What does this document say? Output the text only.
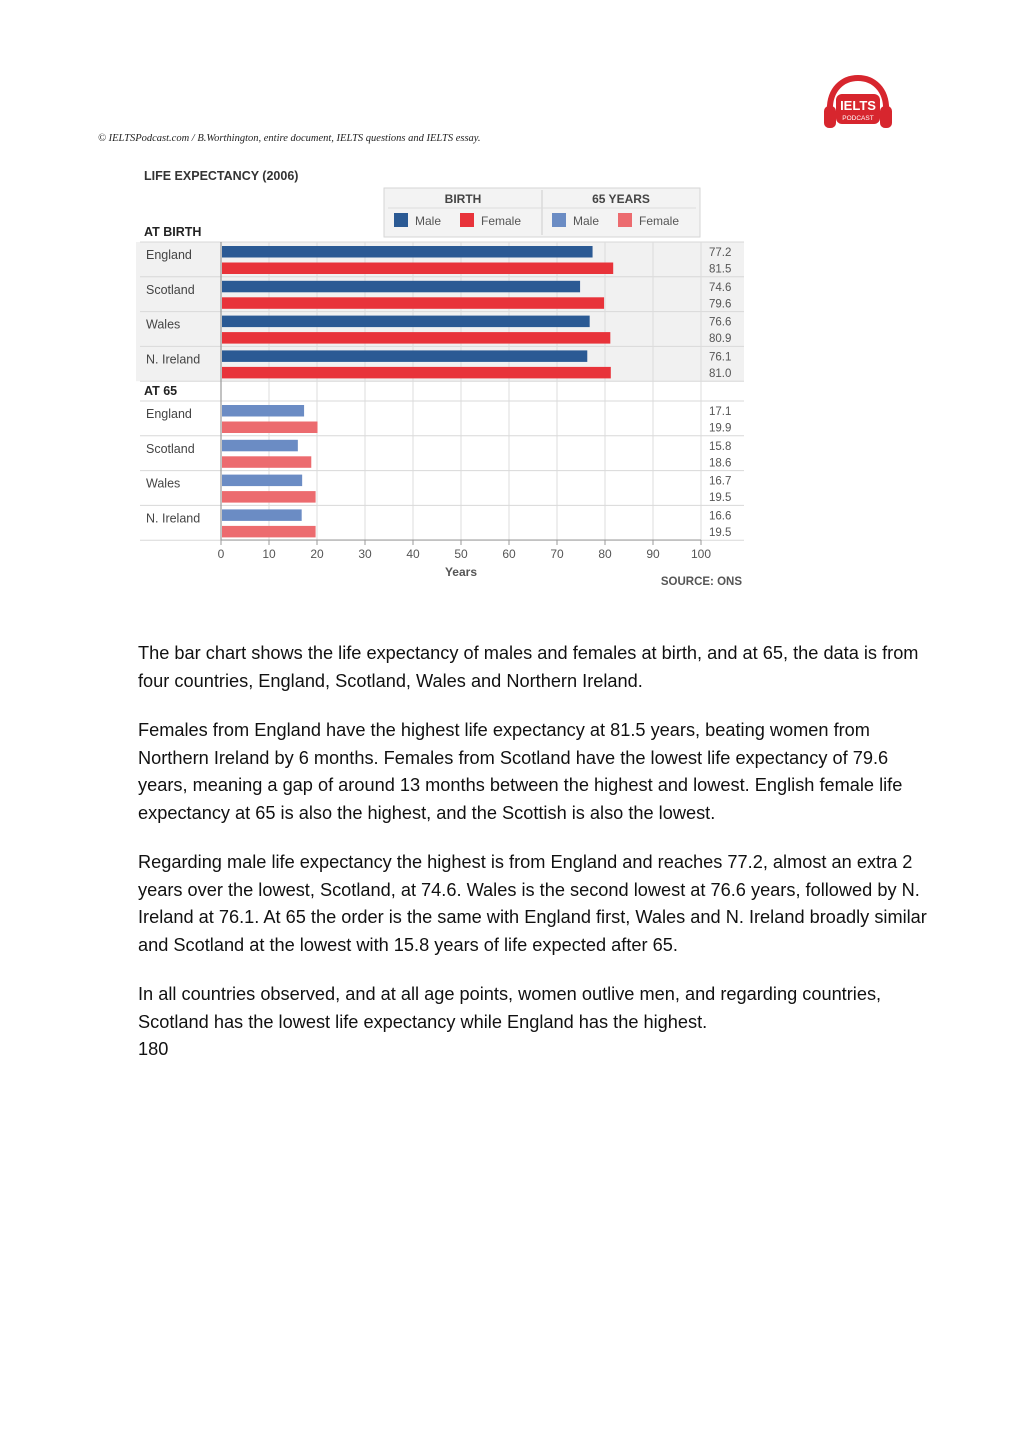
IELTS
PODCAST
© IELTSPodcast.com / B.Worthington, entire document, IELTS questions and IELTS essay.
LIFE EXPECTANCY (2006)
BIRTH
Male	Female
65 YEARS
Male	Female
AT BIRTH
AT 65
England	77.2
81.5
Scotland	74.6
79.6
Wales	76.6
80.9
N. Ireland	76.1
81.0
England	17.1
19.9
Scotland	15.8
18.6
Wales	16.7
19.5
N. Ireland	16.6
19.5
0	10	20	30	40	50	60	70	80	90	100
Years
SOURCE: ONS

The bar chart shows the life expectancy of males and females at birth, and at 65, the data is from four countries, England, Scotland, Wales and Northern Ireland.

Females from England have the highest life expectancy at 81.5 years, beating women from Northern Ireland by 6 months. Females from Scotland have the lowest life expectancy of 79.6 years, meaning a gap of around 13 months between the highest and lowest. English female life expectancy at 65 is also the highest, and the Scottish is also the lowest.

Regarding male life expectancy the highest is from England and reaches 77.2, almost an extra 2 years over the lowest, Scotland, at 74.6. Wales is the second lowest at 76.6 years, followed by N. Ireland at 76.1. At 65 the order is the same with England first, Wales and N. Ireland broadly similar and Scotland at the lowest with 15.8 years of life expected after 65.

In all countries observed, and at all age points, women outlive men, and regarding countries, Scotland has the lowest life expectancy while England has the highest.

180
